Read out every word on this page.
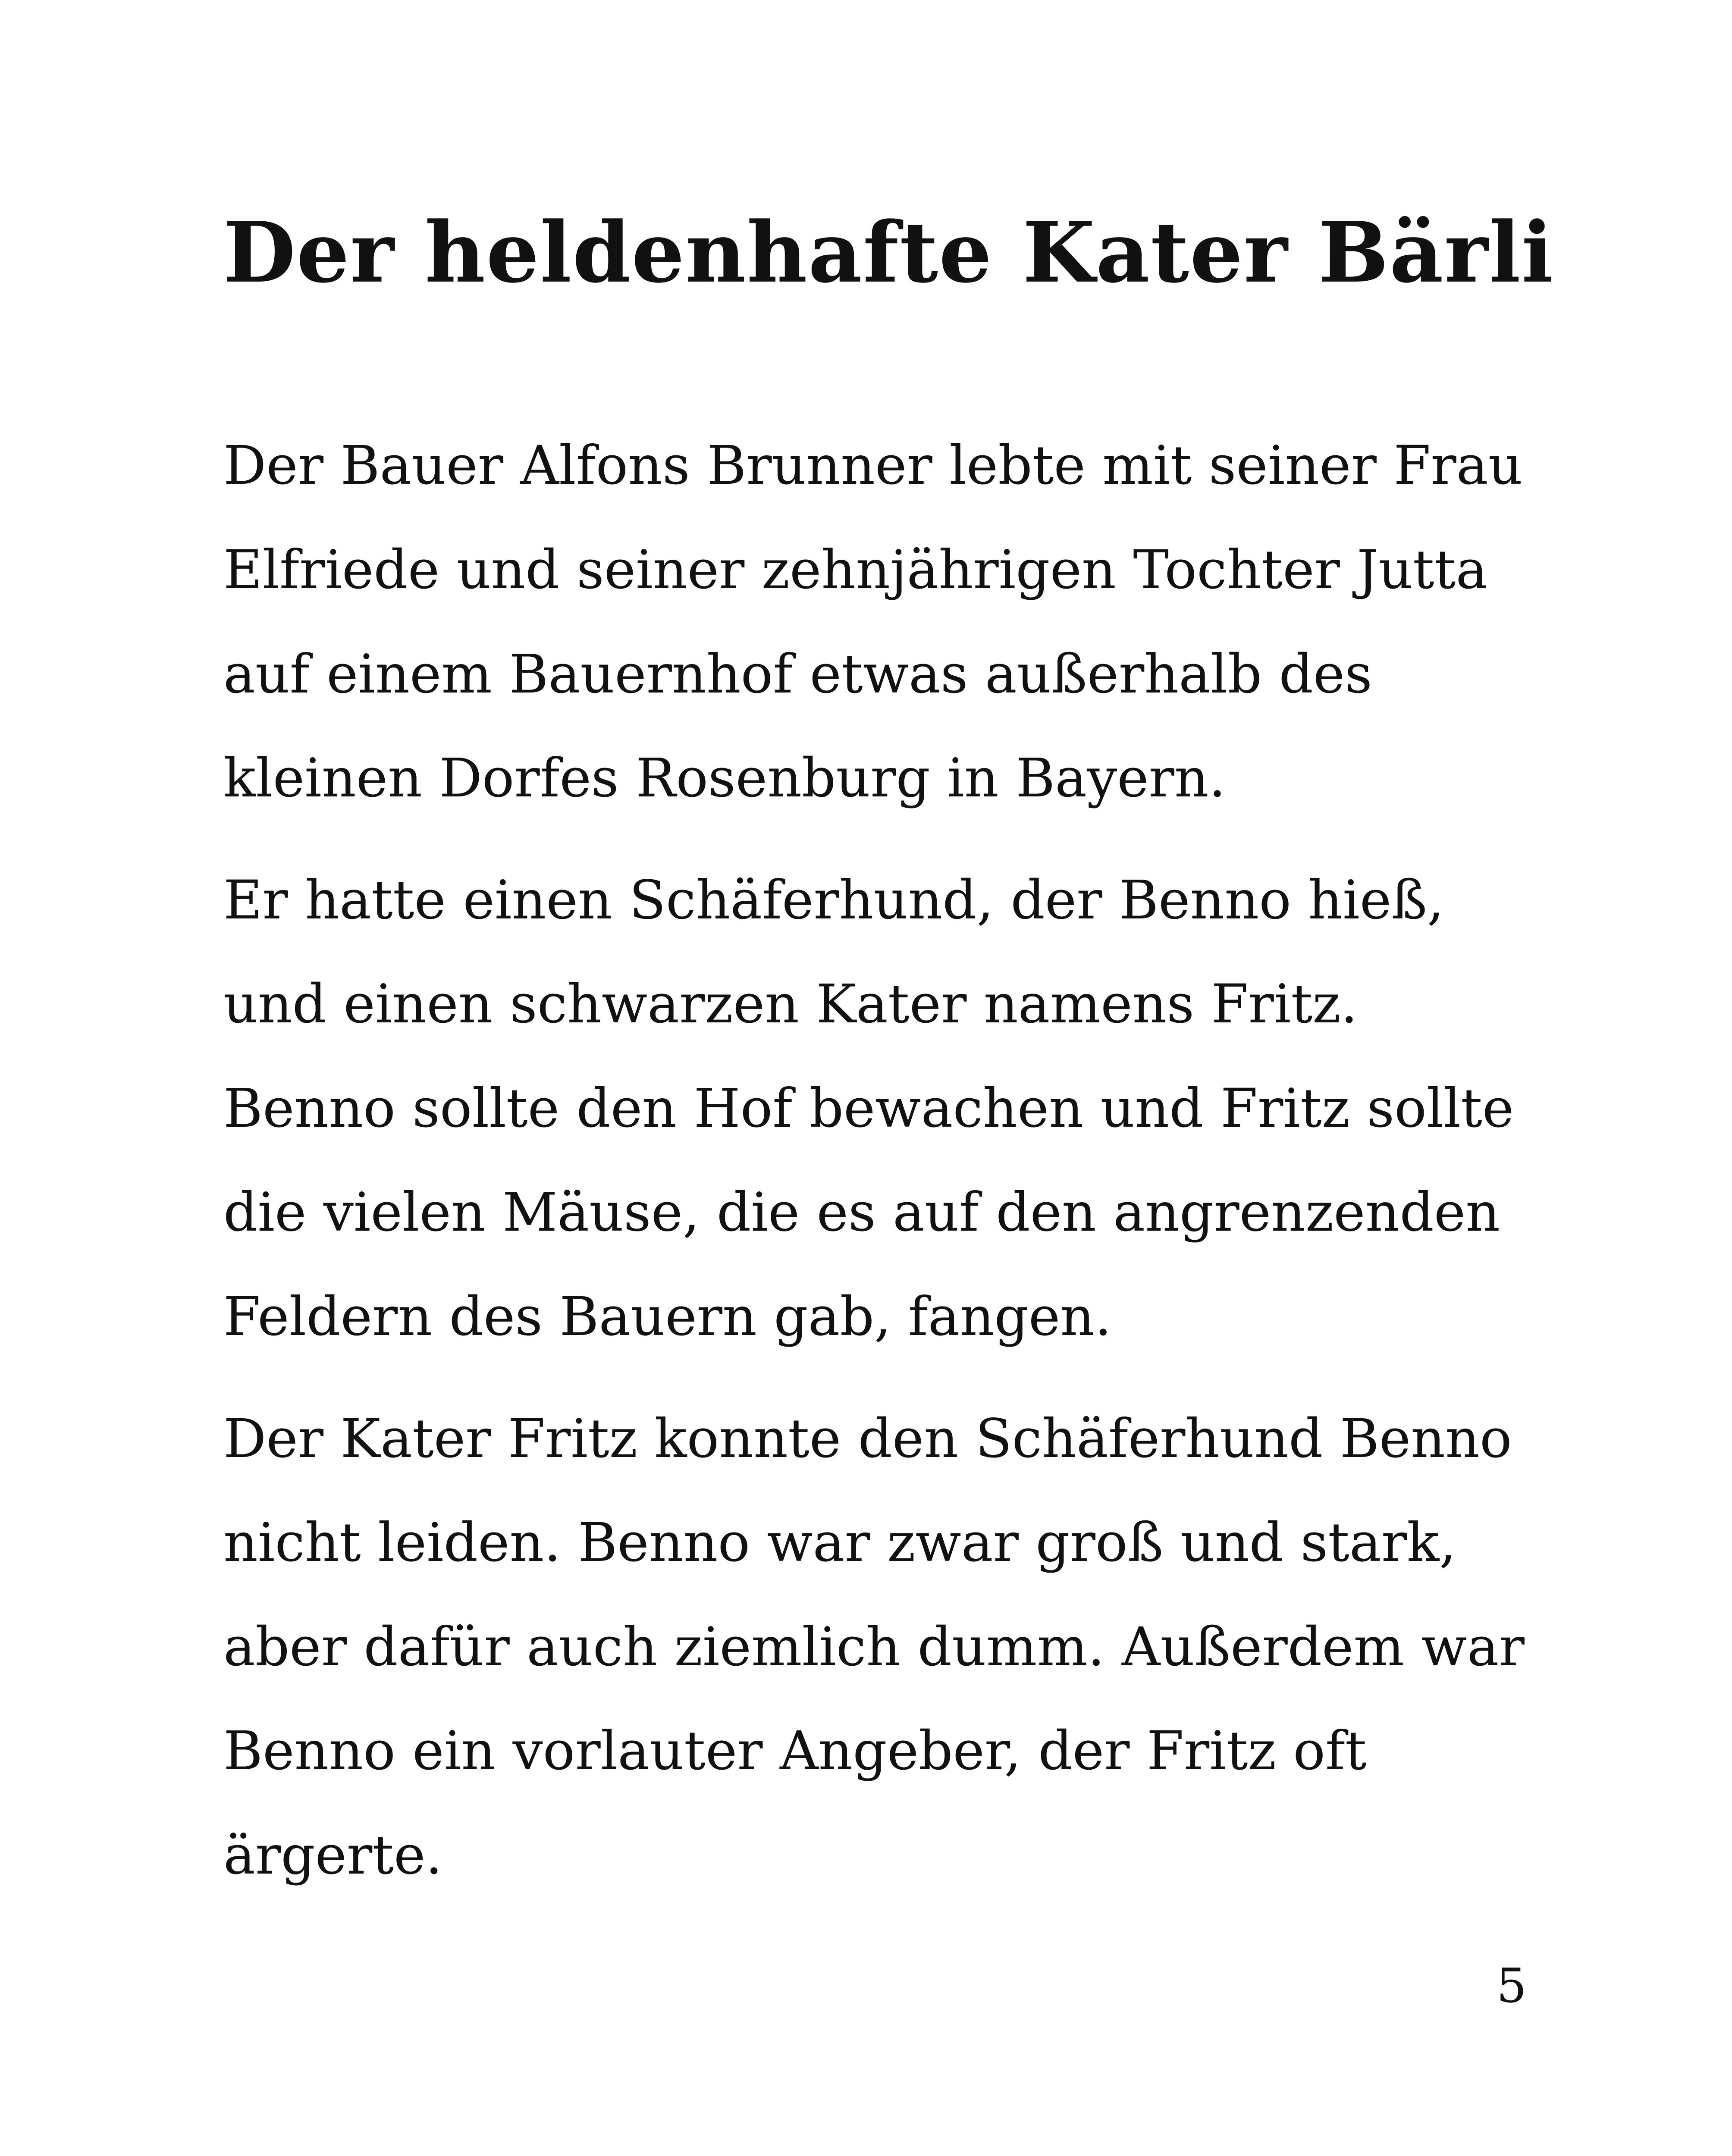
Der heldenhafte Kater Bärli

Der Bauer Alfons Brunner lebte mit seiner Frau

Elfriede und seiner zehnjährigen Tochter Jutta

auf einem Bauernhof etwas außerhalb des

kleinen Dorfes Rosenburg in Bayern.

Er hatte einen Schäferhund, der Benno hieß,

und einen schwarzen Kater namens Fritz.

Benno sollte den Hof bewachen und Fritz sollte

die vielen Mäuse, die es auf den angrenzenden

Feldern des Bauern gab, fangen.

Der Kater Fritz konnte den Schäferhund Benno

nicht leiden. Benno war zwar groß und stark,

aber dafür auch ziemlich dumm. Außerdem war

Benno ein vorlauter Angeber, der Fritz oft

ärgerte.

5
